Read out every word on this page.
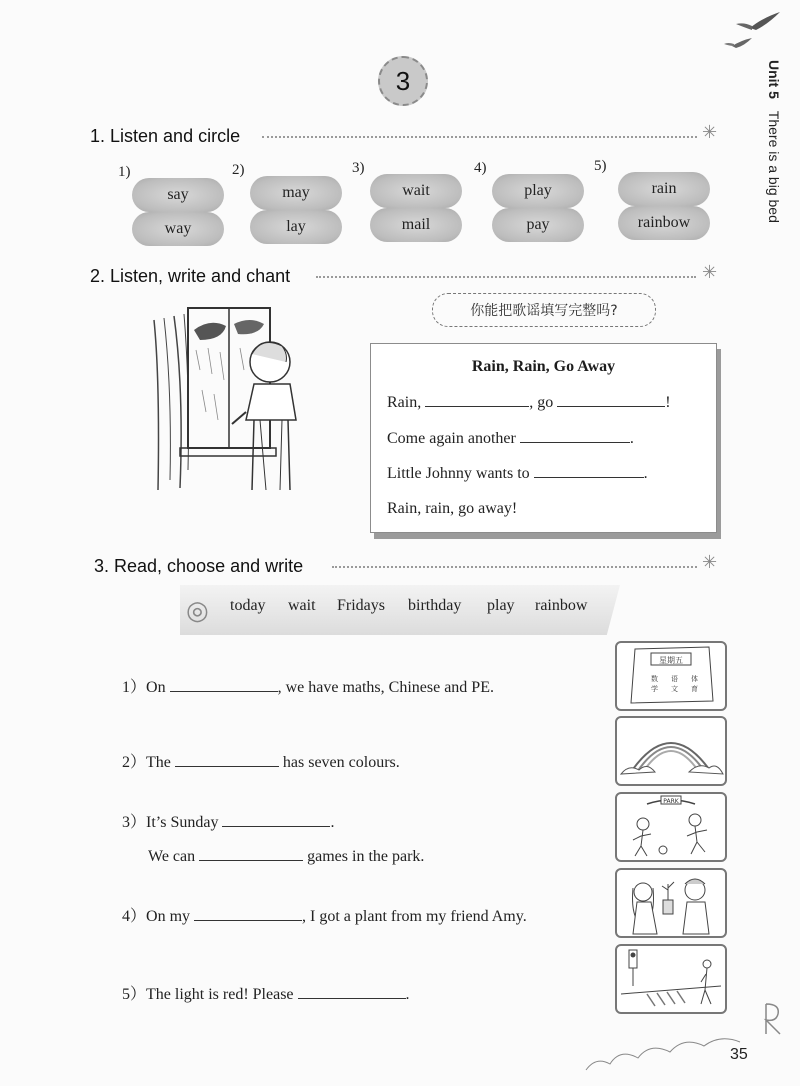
3	Unit 5 There is a big bed
1. Listen and circle	✳
1)
say
way
2)
may
lay
3)
wait
mail
4)
play
pay
5)
rain
rainbow
2. Listen, write and chant	✳
你能把歌谣填写完整吗?
Rain, Rain, Go Away
Rain,	, go	!
Come again another	.
Little Johnny wants to	.
Rain, rain, go away!
3. Read, choose and write	✳
◎ today wait Fridays birthday play rainbow
1）On	, we have maths, Chinese and PE.
2）The	has seven colours.
3）It’s Sunday	.
We can	games in the park.
4）On my	, I got a plant from my friend Amy.
5）The light is red! Please	.
星期五
数 语 体
学 文 育
PARK
35
